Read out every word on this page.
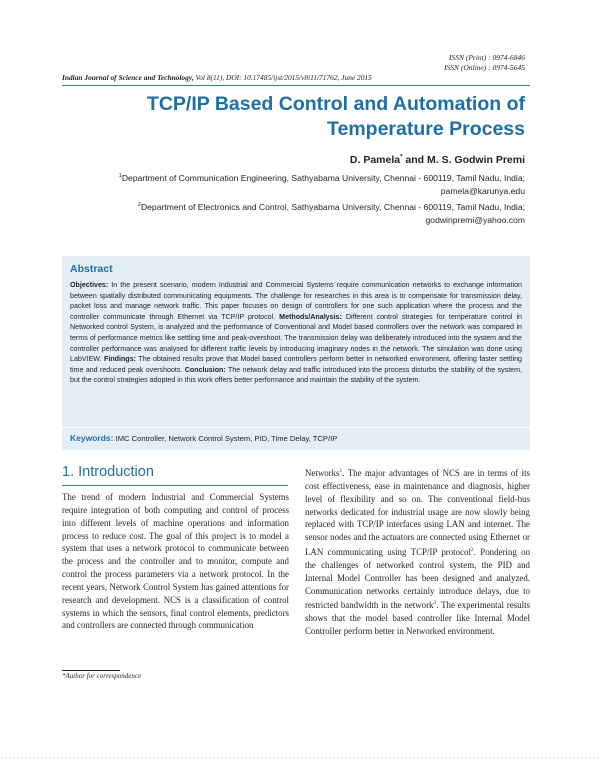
ISSN (Print) : 0974-6846
ISSN (Online) : 0974-5645
Indian Journal of Science and Technology, Vol 8(11), DOI: 10.17485/ijst/2015/v8i11/71762, June 2015
TCP/IP Based Control and Automation of
Temperature Process
D. Pamela* and M. S. Godwin Premi
$^1$Department of Communication Engineering, Sathyabama University, Chennai - 600119, Tamil Nadu, India;
pamela@karunya.edu
$^2$Department of Electronics and Control, Sathyabama University, Chennai - 600119, Tamil Nadu, India;
godwinpremi@yahoo.com
Abstract
Objectives: In the present scenario, modern Industrial and Commercial Systems require communication networks to exchange information between spatially distributed communicating equipments. The challenge for researches in this area is to compensate for transmission delay, packet loss and manage network traffic. This paper focuses on design of controllers for one such application where the process and the controller communicate through Ethernet via TCP/IP protocol. Methods/Analysis: Different control strategies for temperature control in Networked control System, is analyzed and the performance of Conventional and Model based controllers over the network was compared in terms of performance metrics like settling time and peak-overshoot. The transmission delay was deliberately introduced into the system and the controller performance was analysed for different traffic levels by introducing imaginary nodes in the network. The simulation was done using LabVIEW. Findings: The obtained results prove that Model based controllers perform better in networked environment, offering faster settling time and reduced peak overshoots. Conclusion: The network delay and traffic introduced into the process disturbs the stability of the system, but the control strategies adopted in this work offers better performance and maintain the stability of the system.
Keywords: IMC Controller, Network Control System, PID, Time Delay, TCP/IP
1. Introduction
The trend of modern Industrial and Commercial Systems require integration of both computing and control of process into different levels of machine operations and information process to reduce cost. The goal of this project is to model a system that uses a network protocol to communicate between the process and the controller and to monitor, compute and control the process parameters via a network protocol. In the recent years, Network Control System has gained attentions for research and development. NCS is a classification of control systems in which the sensors, final control elements, predictors and controllers are connected through communication
Networks$^1$. The major advantages of NCS are in terms of its cost effectiveness, ease in maintenance and diagnosis, higher level of flexibility and so on. The conventional field-bus networks dedicated for industrial usage are now slowly being replaced with TCP/IP interfaces using LAN and internet. The sensor nodes and the actuators are connected using Ethernet or LAN communicating using TCP/IP protocol$^2$. Pondering on the challenges of networked control system, the PID and Internal Model Controller has been designed and analyzed. Communication networks certainly introduce delays, due to restricted bandwidth in the network$^3$. The experimental results shows that the model based controller like Internal Model Controller perform better in Networked environment.
*Author for correspondence
